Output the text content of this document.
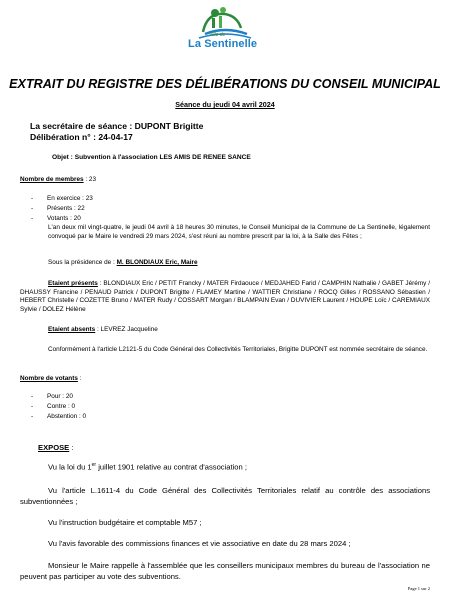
Ville de
La Sentinelle
EXTRAIT DU REGISTRE DES DÉLIBÉRATIONS DU CONSEIL MUNICIPAL
Séance du jeudi 04 avril 2024
La secrétaire de séance : DUPONT Brigitte
Délibération n° : 24-04-17
Objet : Subvention à l'association LES AMIS DE RENEE SANCE
Nombre de membres : 23
- En exercice : 23
- Présents : 22
- Votants : 20
L'an deux mil vingt-quatre, le jeudi 04 avril à 18 heures 30 minutes, le Conseil Municipal de la Commune de La Sentinelle, légalement convoqué par le Maire le vendredi 29 mars 2024, s'est réuni au nombre prescrit par la loi, à la Salle des Fêtes ;
Sous la présidence de : M. BLONDIAUX Eric, Maire
Etaient présents : BLONDIAUX Eric / PETIT Francky / MATER Firdaouce / MEDJAHED Farid / CAMPHIN Nathalie / GABET Jérémy / DHAUSSY Francine / PENAUD Patrick / DUPONT Brigitte / FLAMEY Martine / WATTIER Christiane / ROCQ Gilles / ROSSANO Sébastien / HEBERT Christelle / COZETTE Bruno / MATER Rudy / COSSART Morgan / BLAMPAIN Evan / DUVIVIER Laurent / HOUPE Loïc / CAREMIAUX Sylvie / DOLEZ Hélène
Etaient absents : LEVREZ Jacqueline
Conformément à l'article L2121-5 du Code Général des Collectivités Territoriales, Brigitte DUPONT est nommée secrétaire de séance.
Nombre de votants :
- Pour : 20
- Contre : 0
- Abstention : 0
EXPOSE :
Vu la loi du 1er juillet 1901 relative au contrat d'association ;
Vu l'article L.1611-4 du Code Général des Collectivités Territoriales relatif au contrôle des associations subventionnées ;
Vu l'instruction budgétaire et comptable M57 ;
Vu l'avis favorable des commissions finances et vie associative en date du 28 mars 2024 ;
Monsieur le Maire rappelle à l'assemblée que les conseillers municipaux membres du bureau de l'association ne peuvent pas participer au vote des subventions.
Page 1 sur 2
